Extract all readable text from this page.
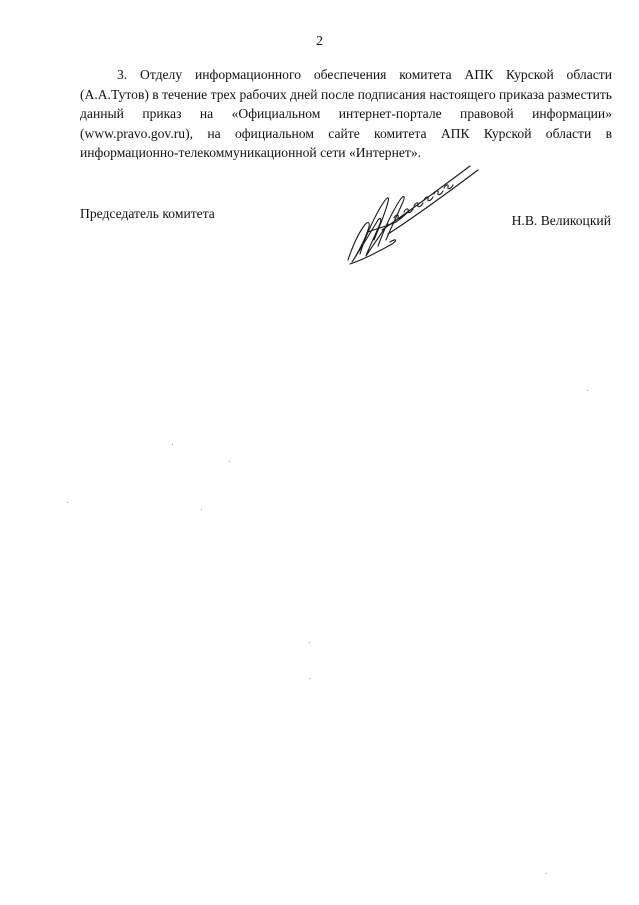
2

3. Отделу информационного обеспечения комитета АПК Курской области (А.А.Тутов) в течение трех рабочих дней после подписания настоящего приказа разместить данный приказ на «Официальном интернет-портале правовой информации» (www.pravo.gov.ru), на официальном сайте комитета АПК Курской области в информационно-телекоммуникационной сети «Интернет».

Председатель комитета	Н.В. Великоцкий
